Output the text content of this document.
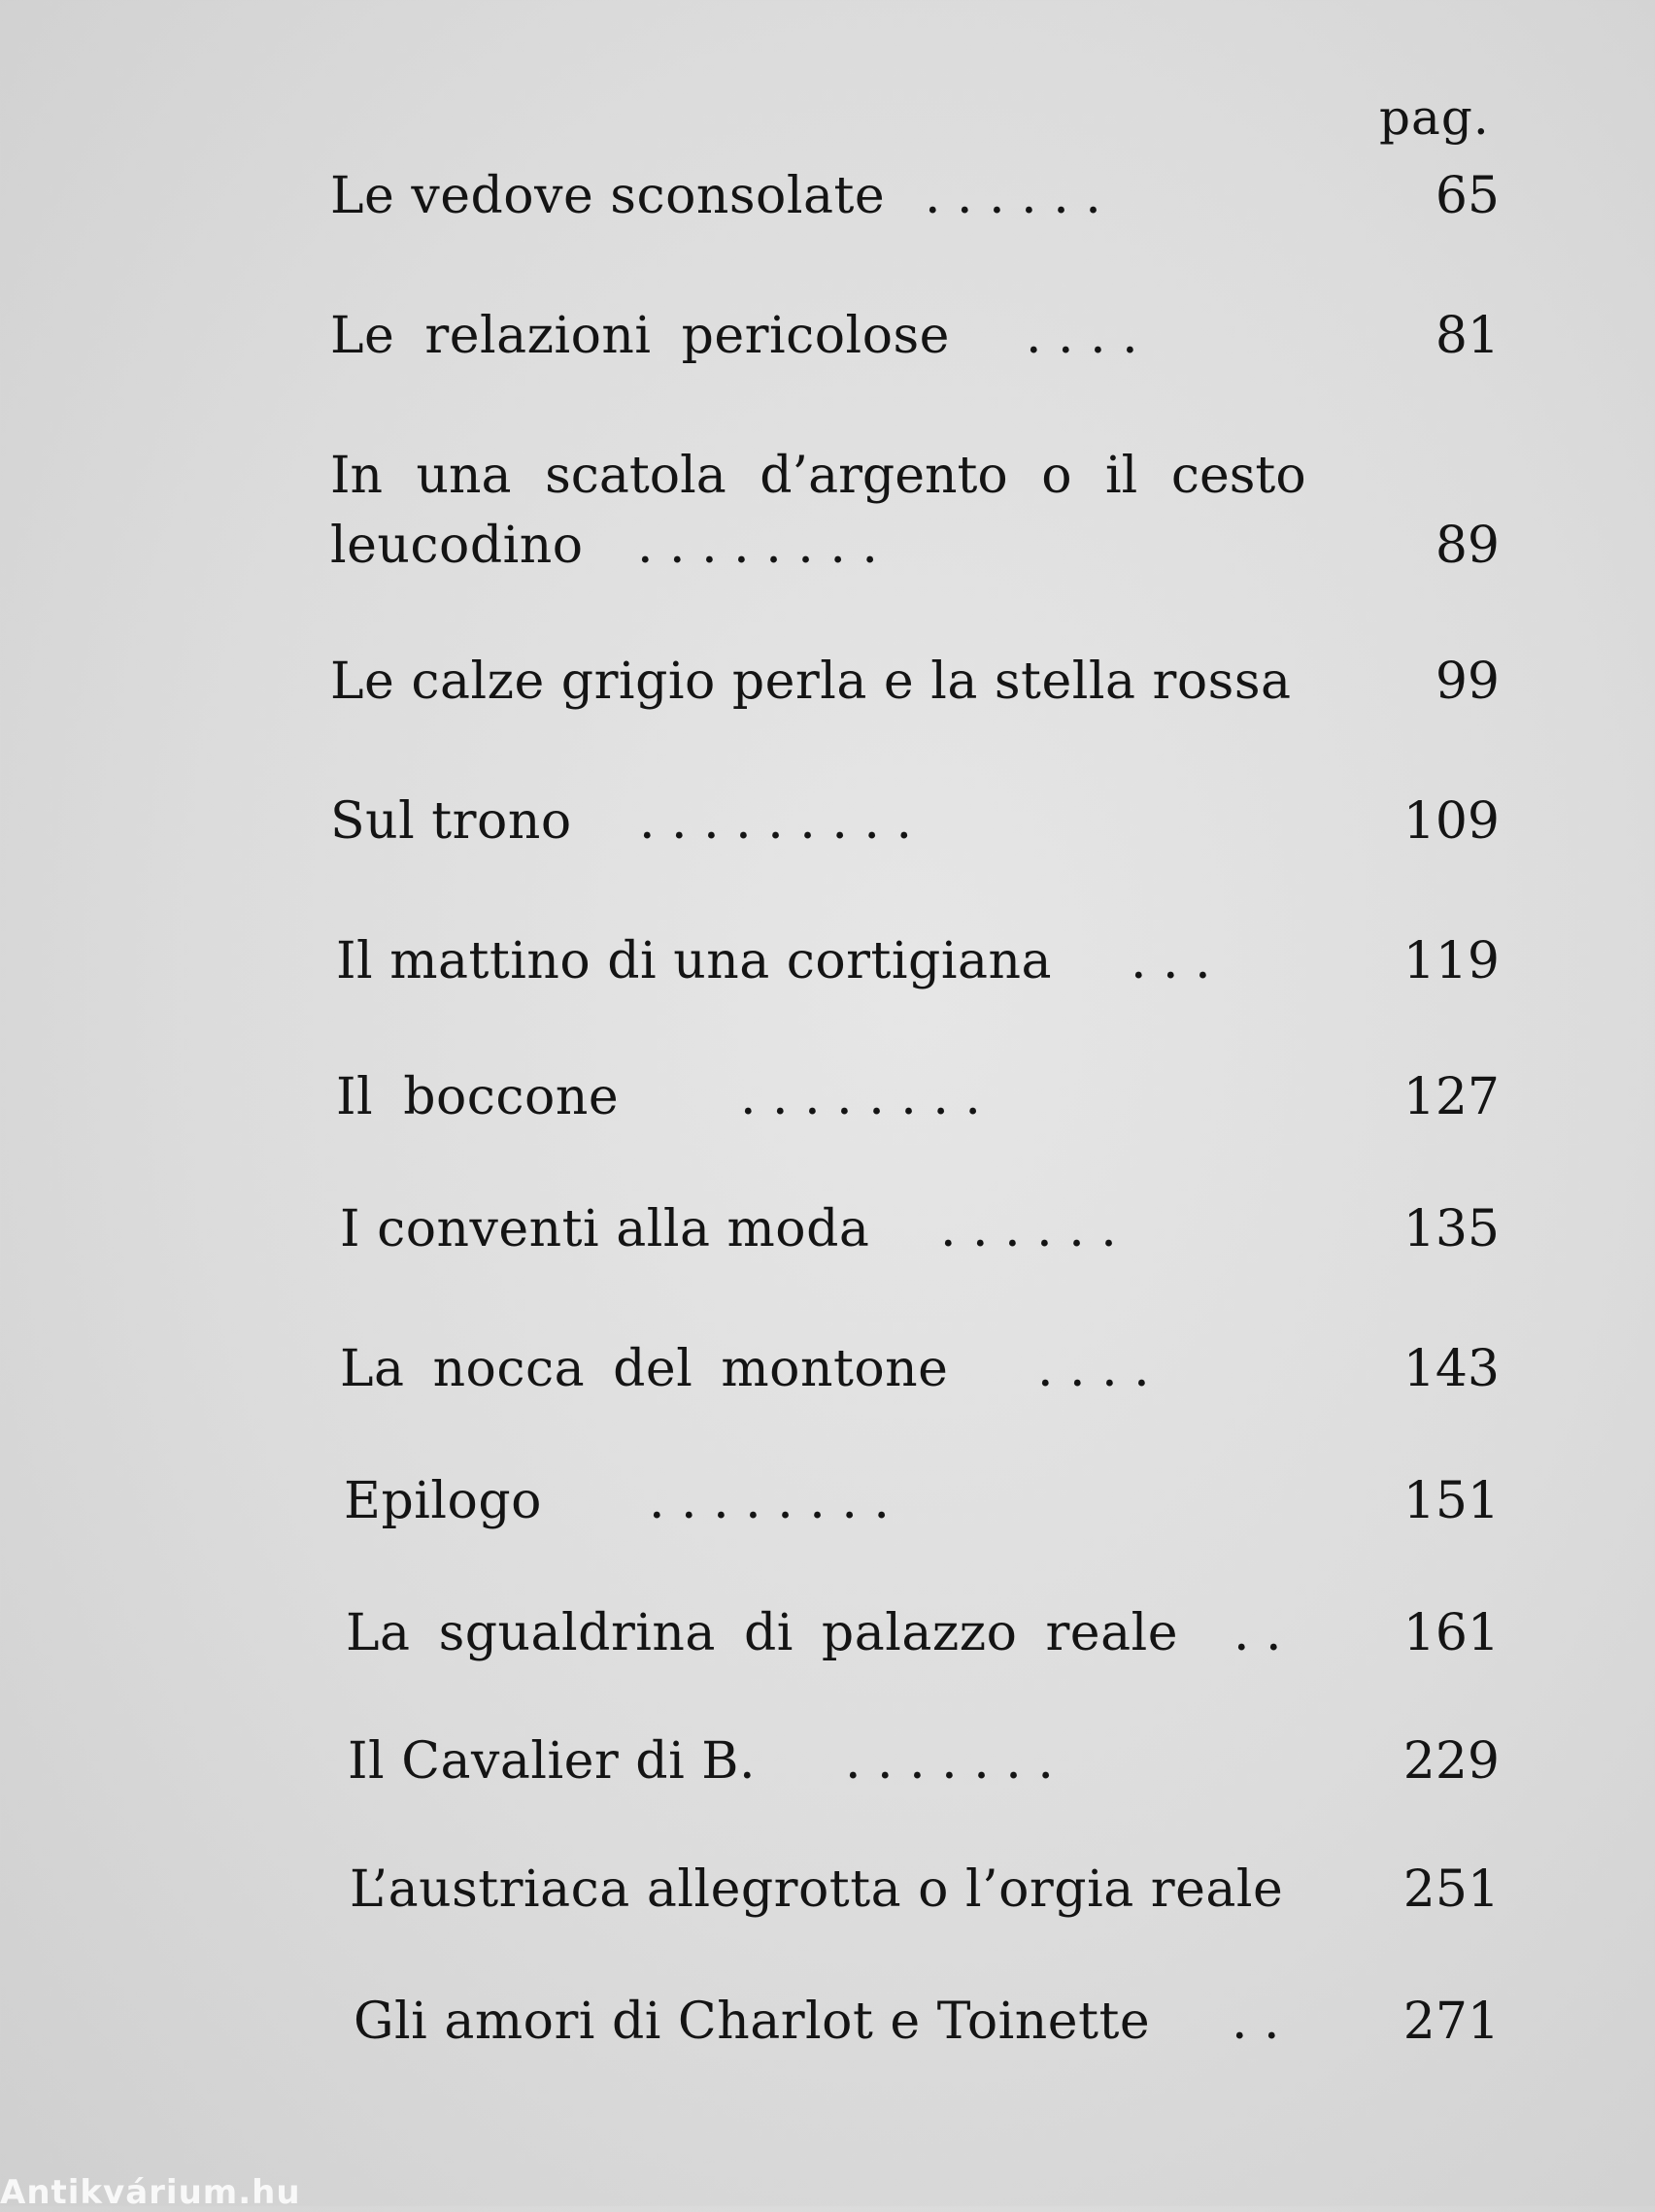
pag.
Le vedove sconsolate . . . . . .	65
Le relazioni pericolose . . . .	81
In una scatola d’argento o il cesto
leucodino . . . . . . . .	89
Le calze grigio perla e la stella rossa	99
Sul trono . . . . . . . . .	109
Il mattino di una cortigiana . . .	119
Il boccone . . . . . . . .	127
I conventi alla moda . . . . . .	135
La nocca del montone . . . .	143
Epilogo . . . . . . . .	151
La sgualdrina di palazzo reale . .	161
Il Cavalier di B. . . . . . . .	229
L’austriaca allegrotta o l’orgia reale	251
Gli amori di Charlot e Toinette . .	271
Antikvárium.hu
